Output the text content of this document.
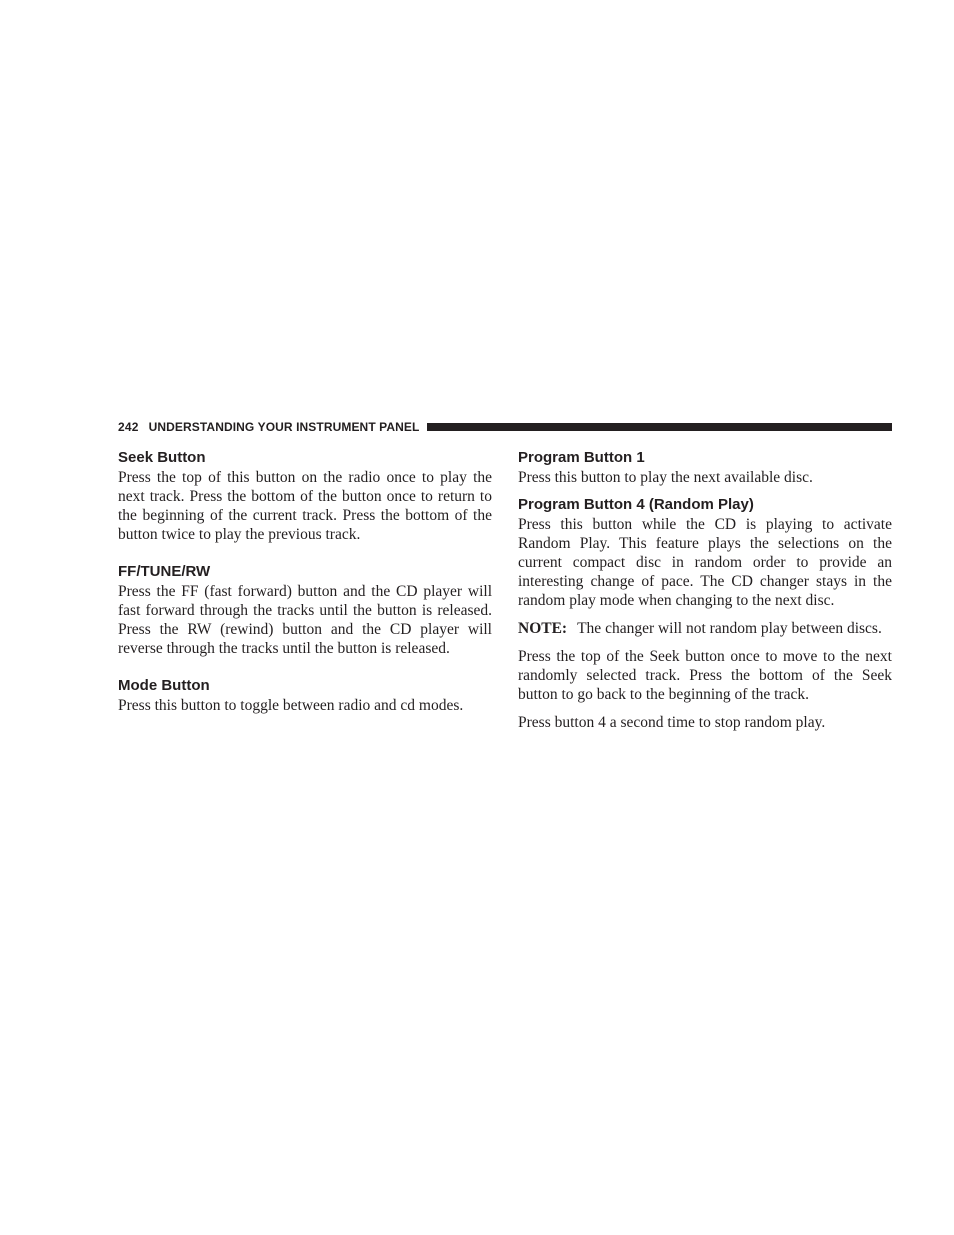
242 UNDERSTANDING YOUR INSTRUMENT PANEL
Seek Button

Press the top of this button on the radio once to play the next track. Press the bottom of the button once to return to the beginning of the current track. Press the bottom of the button twice to play the previous track.

FF/TUNE/RW

Press the FF (fast forward) button and the CD player will fast forward through the tracks until the button is released. Press the RW (rewind) button and the CD player will reverse through the tracks until the button is released.

Mode Button

Press this button to toggle between radio and cd modes.

Program Button 1

Press this button to play the next available disc.

Program Button 4 (Random Play)

Press this button while the CD is playing to activate Random Play. This feature plays the selections on the current compact disc in random order to provide an interesting change of pace. The CD changer stays in the random play mode when changing to the next disc.

NOTE: The changer will not random play between discs.

Press the top of the Seek button once to move to the next randomly selected track. Press the bottom of the Seek button to go back to the beginning of the track.

Press button 4 a second time to stop random play.
